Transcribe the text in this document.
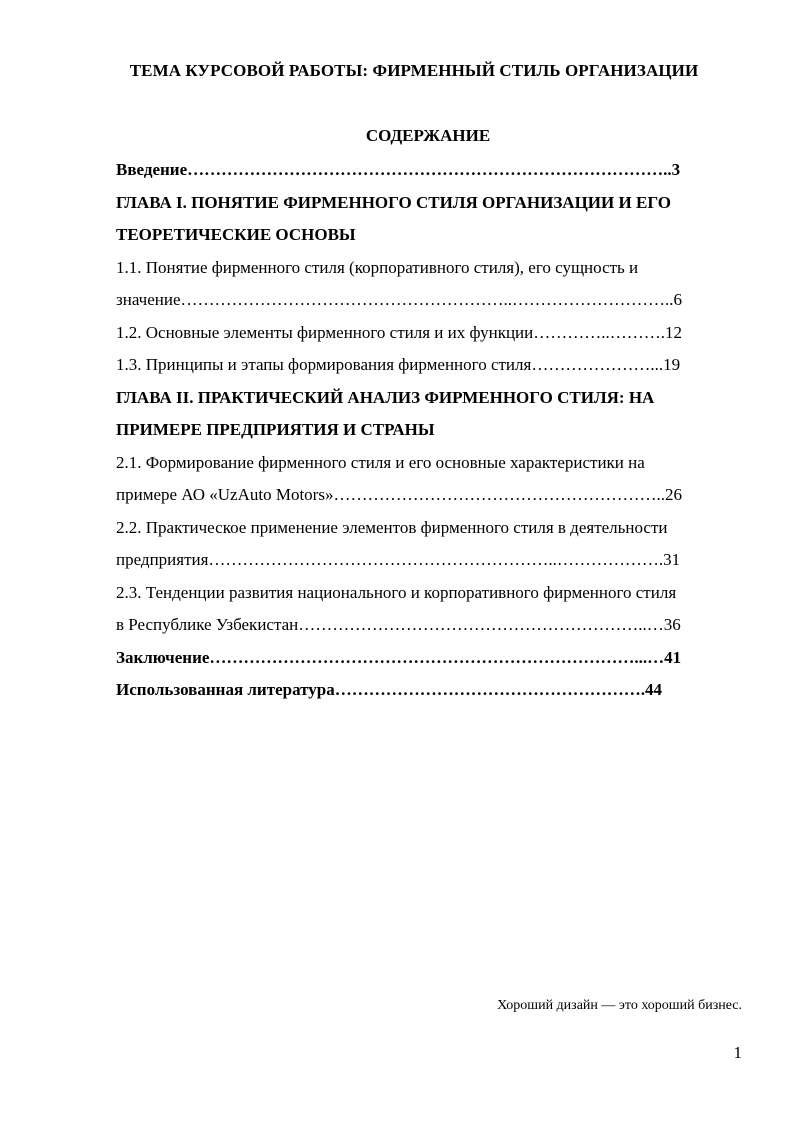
ТЕМА КУРСОВОЙ РАБОТЫ: ФИРМЕННЫЙ СТИЛЬ ОРГАНИЗАЦИИ
СОДЕРЖАНИЕ
Введение…………………………………………………………………………..3
ГЛАВА I. ПОНЯТИЕ ФИРМЕННОГО СТИЛЯ ОРГАНИЗАЦИИ И ЕГО
ТЕОРЕТИЧЕСКИЕ ОСНОВЫ
1.1. Понятие фирменного стиля (корпоративного стиля), его сущность и
значение…………………………………………………..………………………..6
1.2. Основные элементы фирменного стиля и их функции…………..……….12
1.3. Принципы и этапы формирования фирменного стиля…………………...19
ГЛАВА II. ПРАКТИЧЕСКИЙ АНАЛИЗ ФИРМЕННОГО СТИЛЯ: НА
ПРИМЕРЕ ПРЕДПРИЯТИЯ И СТРАНЫ
2.1. Формирование фирменного стиля и его основные характеристики на
примере АО «UzAuto Motors»…………………………………………………..26
2.2. Практическое применение элементов фирменного стиля в деятельности
предприятия……………………………………………………..……………….31
2.3. Тенденции развития национального и корпоративного фирменного стиля
в Республике Узбекистан……………………………………………………..…36
Заключение…………………………………………………………………...…41
Использованная литература……………………………………………….44
Хороший дизайн — это хороший бизнес.
1
